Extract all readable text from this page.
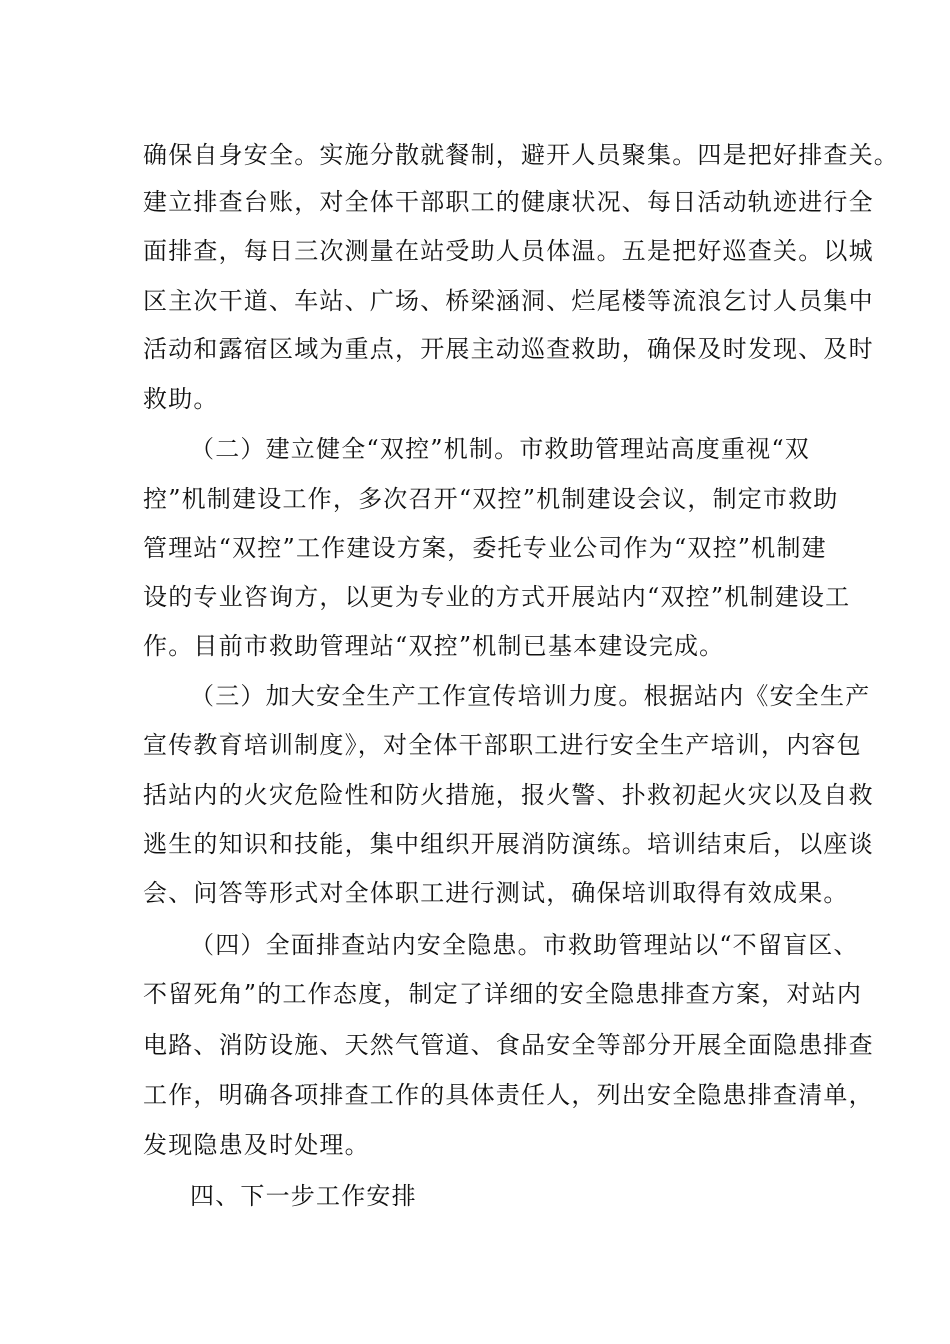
确保自身安全。实施分散就餐制，避开人员聚集。四是把好排查关。
建立排查台账，对全体干部职工的健康状况、每日活动轨迹进行全
面排查，每日三次测量在站受助人员体温。五是把好巡查关。以城
区主次干道、车站、广场、桥梁涵洞、烂尾楼等流浪乞讨人员集中
活动和露宿区域为重点，开展主动巡查救助，确保及时发现、及时
救助。
（二）建立健全“双控”机制。市救助管理站高度重视“双
控”机制建设工作，多次召开“双控”机制建设会议，制定市救助
管理站“双控”工作建设方案，委托专业公司作为“双控”机制建
设的专业咨询方，以更为专业的方式开展站内“双控”机制建设工
作。目前市救助管理站“双控”机制已基本建设完成。
（三）加大安全生产工作宣传培训力度。根据站内《安全生产
宣传教育培训制度》，对全体干部职工进行安全生产培训，内容包
括站内的火灾危险性和防火措施，报火警、扑救初起火灾以及自救
逃生的知识和技能，集中组织开展消防演练。培训结束后，以座谈
会、问答等形式对全体职工进行测试，确保培训取得有效成果。
（四）全面排查站内安全隐患。市救助管理站以“不留盲区、
不留死角”的工作态度，制定了详细的安全隐患排查方案，对站内
电路、消防设施、天然气管道、食品安全等部分开展全面隐患排查
工作，明确各项排查工作的具体责任人，列出安全隐患排查清单，
发现隐患及时处理。
四、下一步工作安排
